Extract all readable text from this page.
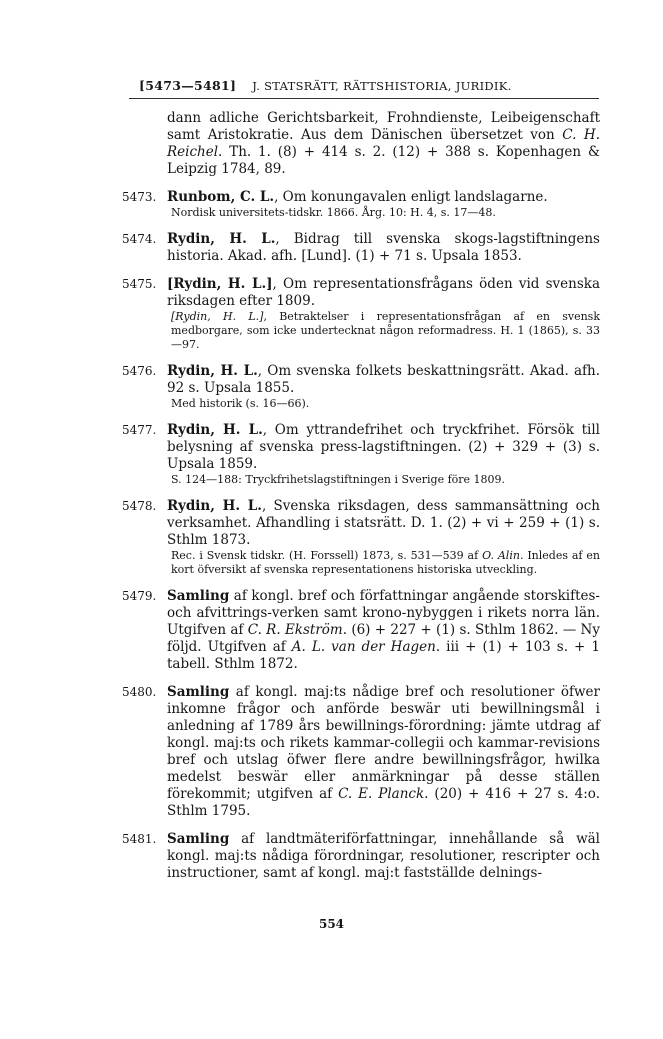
[5473—5481] J. STATSRÄTT, RÄTTSHISTORIA, JURIDIK.
dann adliche Gerichtsbarkeit, Frohndienste, Leibeigenschaft samt Aristokratie. Aus dem Dänischen übersetzet von C. H. Reichel. Th. 1. (8) + 414 s. 2. (12) + 388 s. Kopenhagen & Leipzig 1784, 89.
5473. Runbom, C. L., Om konungavalen enligt landslagarne.
Nordisk universitets-tidskr. 1866. Årg. 10: H. 4, s. 17—48.
5474. Rydin, H. L., Bidrag till svenska skogs-lagstiftningens historia. Akad. afh. [Lund]. (1) + 71 s. Upsala 1853.
5475. [Rydin, H. L.], Om representationsfrågans öden vid svenska riksdagen efter 1809.
[Rydin, H. L.], Betraktelser i representationsfrågan af en svensk medborgare, som icke undertecknat någon reformadress. H. 1 (1865), s. 33—97.
5476. Rydin, H. L., Om svenska folkets beskattningsrätt. Akad. afh. 92 s. Upsala 1855.
Med historik (s. 16—66).
5477. Rydin, H. L., Om yttrandefrihet och tryckfrihet. Försök till belysning af svenska press-lagstiftningen. (2) + 329 + (3) s. Upsala 1859.
S. 124—188: Tryckfrihetslagstiftningen i Sverige före 1809.
5478. Rydin, H. L., Svenska riksdagen, dess sammansättning och verksamhet. Afhandling i statsrätt. D. 1. (2) + vi + 259 + (1) s. Sthlm 1873.
Rec. i Svensk tidskr. (H. Forssell) 1873, s. 531—539 af O. Alin. Inledes af en kort öfversikt af svenska representationens historiska utveckling.
5479. Samling af kongl. bref och författningar angående storskiftes- och afvittrings-verken samt krono-nybyggen i rikets norra län. Utgifven af C. R. Ekström. (6) + 227 + (1) s. Sthlm 1862. — Ny följd. Utgifven af A. L. van der Hagen. iii + (1) + 103 s. + 1 tabell. Sthlm 1872.
5480. Samling af kongl. maj:ts nådige bref och resolutioner öfwer inkomne frågor och anförde beswär uti bewillningsmål i anledning af 1789 års bewillnings-förordning: jämte utdrag af kongl. maj:ts och rikets kammar-collegii och kammar-revisions bref och utslag öfwer flere andre bewillningsfrågor, hwilka medelst beswär eller anmärkningar på desse ställen förekommit; utgifven af C. E. Planck. (20) + 416 + 27 s. 4:o. Sthlm 1795.
5481. Samling af landtmäteriförfattningar, innehållande så wäl kongl. maj:ts nådiga förordningar, resolutioner, rescripter och instructioner, samt af kongl. maj:t fastställde delnings-
554
